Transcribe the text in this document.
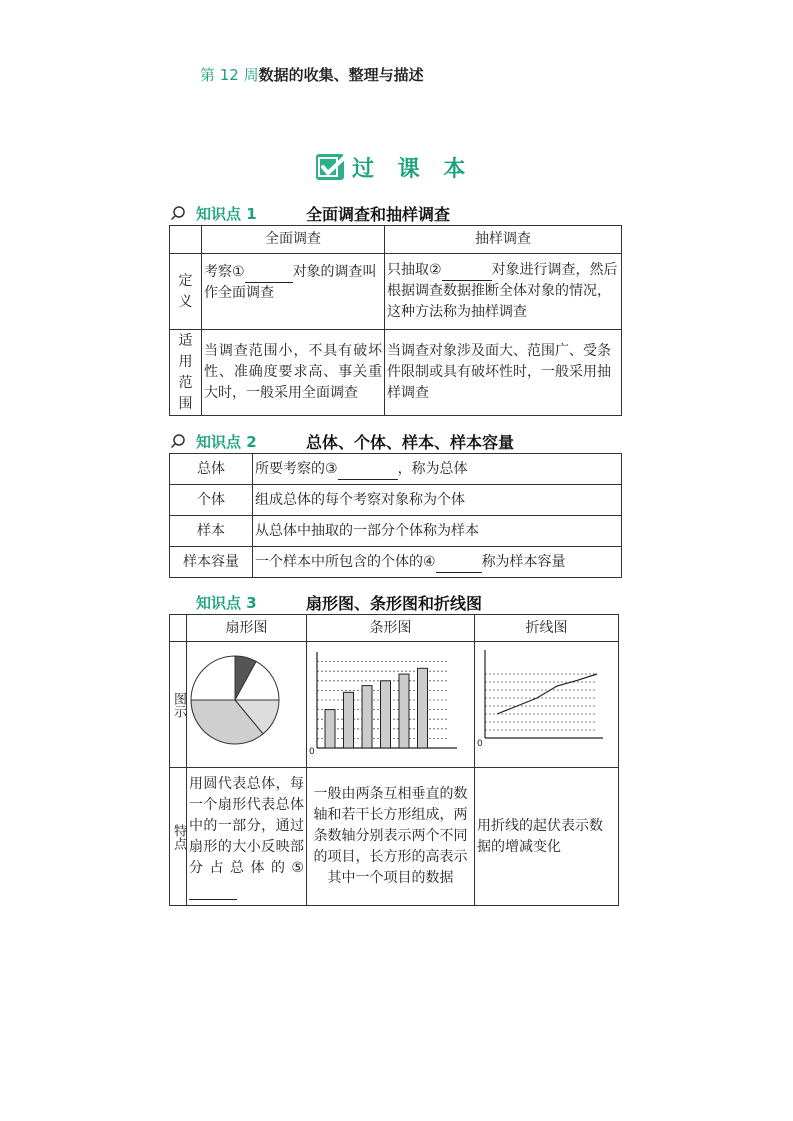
第 12 周数据的收集、整理与描述
过 课 本
知识点 1	全面调查和抽样调查
	全面调查	抽样调查

定
义	考察① 对象的调查叫作全面调查	只抽取② 对象进行调查，然后根据调查数据推断全体对象的情况，这种方法称为抽样调查

适
用
范
围	当调查范围小，不具有破坏性、准确度要求高、事关重大时，一般采用全面调查	当调查对象涉及面大、范围广、受条件限制或具有破坏性时，一般采用抽样调查
知识点 2	总体、个体、样本、样本容量
总体	所要考察的③ ，称为总体
个体	组成总体的每个考察对象称为个体
样本	从总体中抽取的一部分个体称为样本
样本容量	一个样本中所包含的个体的④ 称为样本容量
知识点 3	扇形图、条形图和折线图
	扇形图	条形图	折线图

图示		0	0

特点	用圆代表总体，每一个扇形代表总体中的一部分，通过扇形的大小反映部分占总体的⑤	一般由两条互相垂直的数轴和若干长方形组成，两条数轴分别表示两个不同的项目，长方形的高表示其中一个项目的数据	用折线的起伏表示数据的增减变化
